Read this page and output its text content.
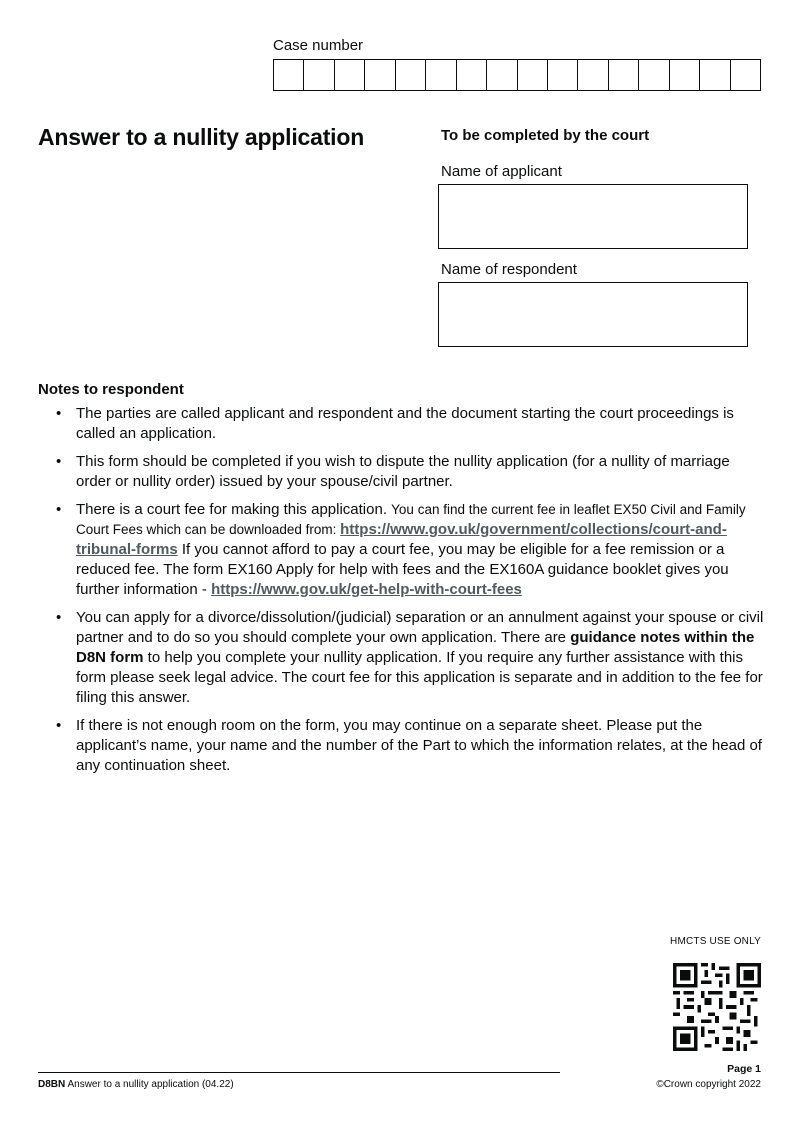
Case number
Answer to a nullity application	To be completed by the court
Name of applicant
Name of respondent
Notes to respondent
• The parties are called applicant and respondent and the document starting the court proceedings is called an application.
• This form should be completed if you wish to dispute the nullity application (for a nullity of marriage order or nullity order) issued by your spouse/civil partner.
• There is a court fee for making this application. You can find the current fee in leaflet EX50 Civil and Family Court Fees which can be downloaded from: https://www.gov.uk/government/collections/court-and-tribunal-forms If you cannot afford to pay a court fee, you may be eligible for a fee remission or a reduced fee. The form EX160 Apply for help with fees and the EX160A guidance booklet gives you further information - https://www.gov.uk/get-help-with-court-fees
• You can apply for a divorce/dissolution/(judicial) separation or an annulment against your spouse or civil partner and to do so you should complete your own application. There are guidance notes within the D8N form to help you complete your nullity application. If you require any further assistance with this form please seek legal advice. The court fee for this application is separate and in addition to the fee for filing this answer.
• If there is not enough room on the form, you may continue on a separate sheet. Please put the applicant’s name, your name and the number of the Part to which the information relates, at the head of any continuation sheet.
HMCTS USE ONLY
D8BN Answer to a nullity application (04.22)
Page 1
©Crown copyright 2022
